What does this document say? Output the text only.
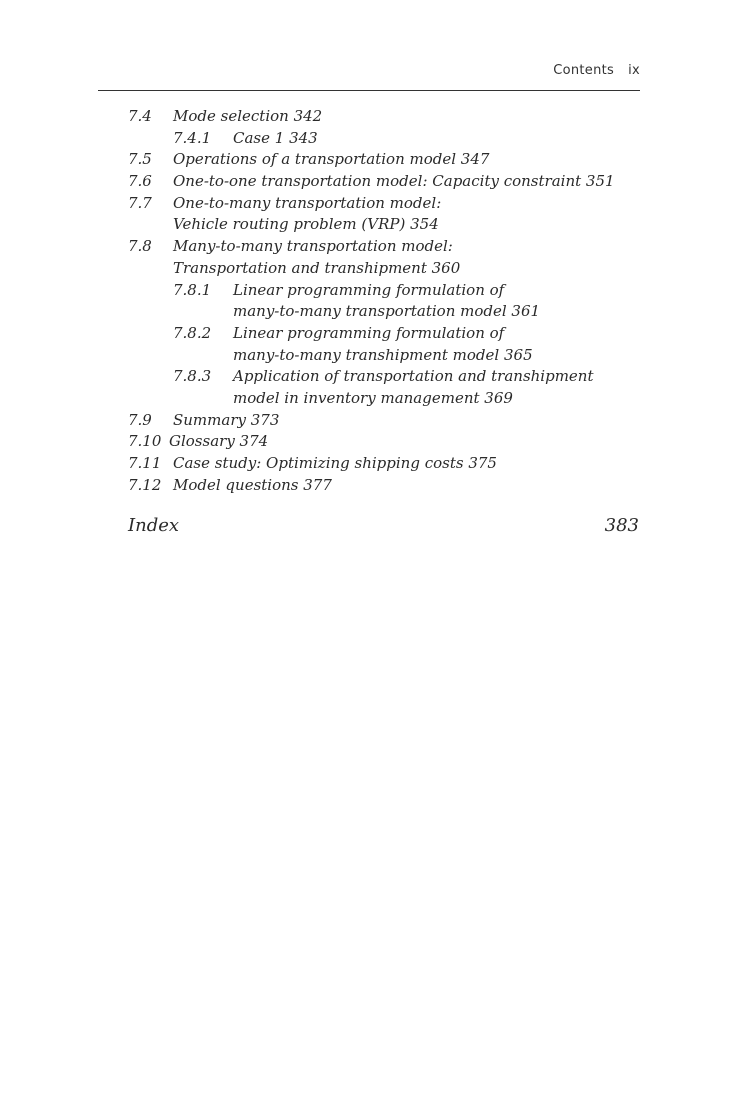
Contents ix
7.4 Mode selection 342
7.4.1 Case 1 343
7.5 Operations of a transportation model 347
7.6 One-to-one transportation model: Capacity constraint 351
7.7 One-to-many transportation model:
Vehicle routing problem (VRP) 354
7.8 Many-to-many transportation model:
Transportation and transhipment 360
7.8.1 Linear programming formulation of
many-to-many transportation model 361
7.8.2 Linear programming formulation of
many-to-many transhipment model 365
7.8.3 Application of transportation and transhipment
model in inventory management 369
7.9 Summary 373
7.10 Glossary 374
7.11 Case study: Optimizing shipping costs 375
7.12 Model questions 377
Index	383
